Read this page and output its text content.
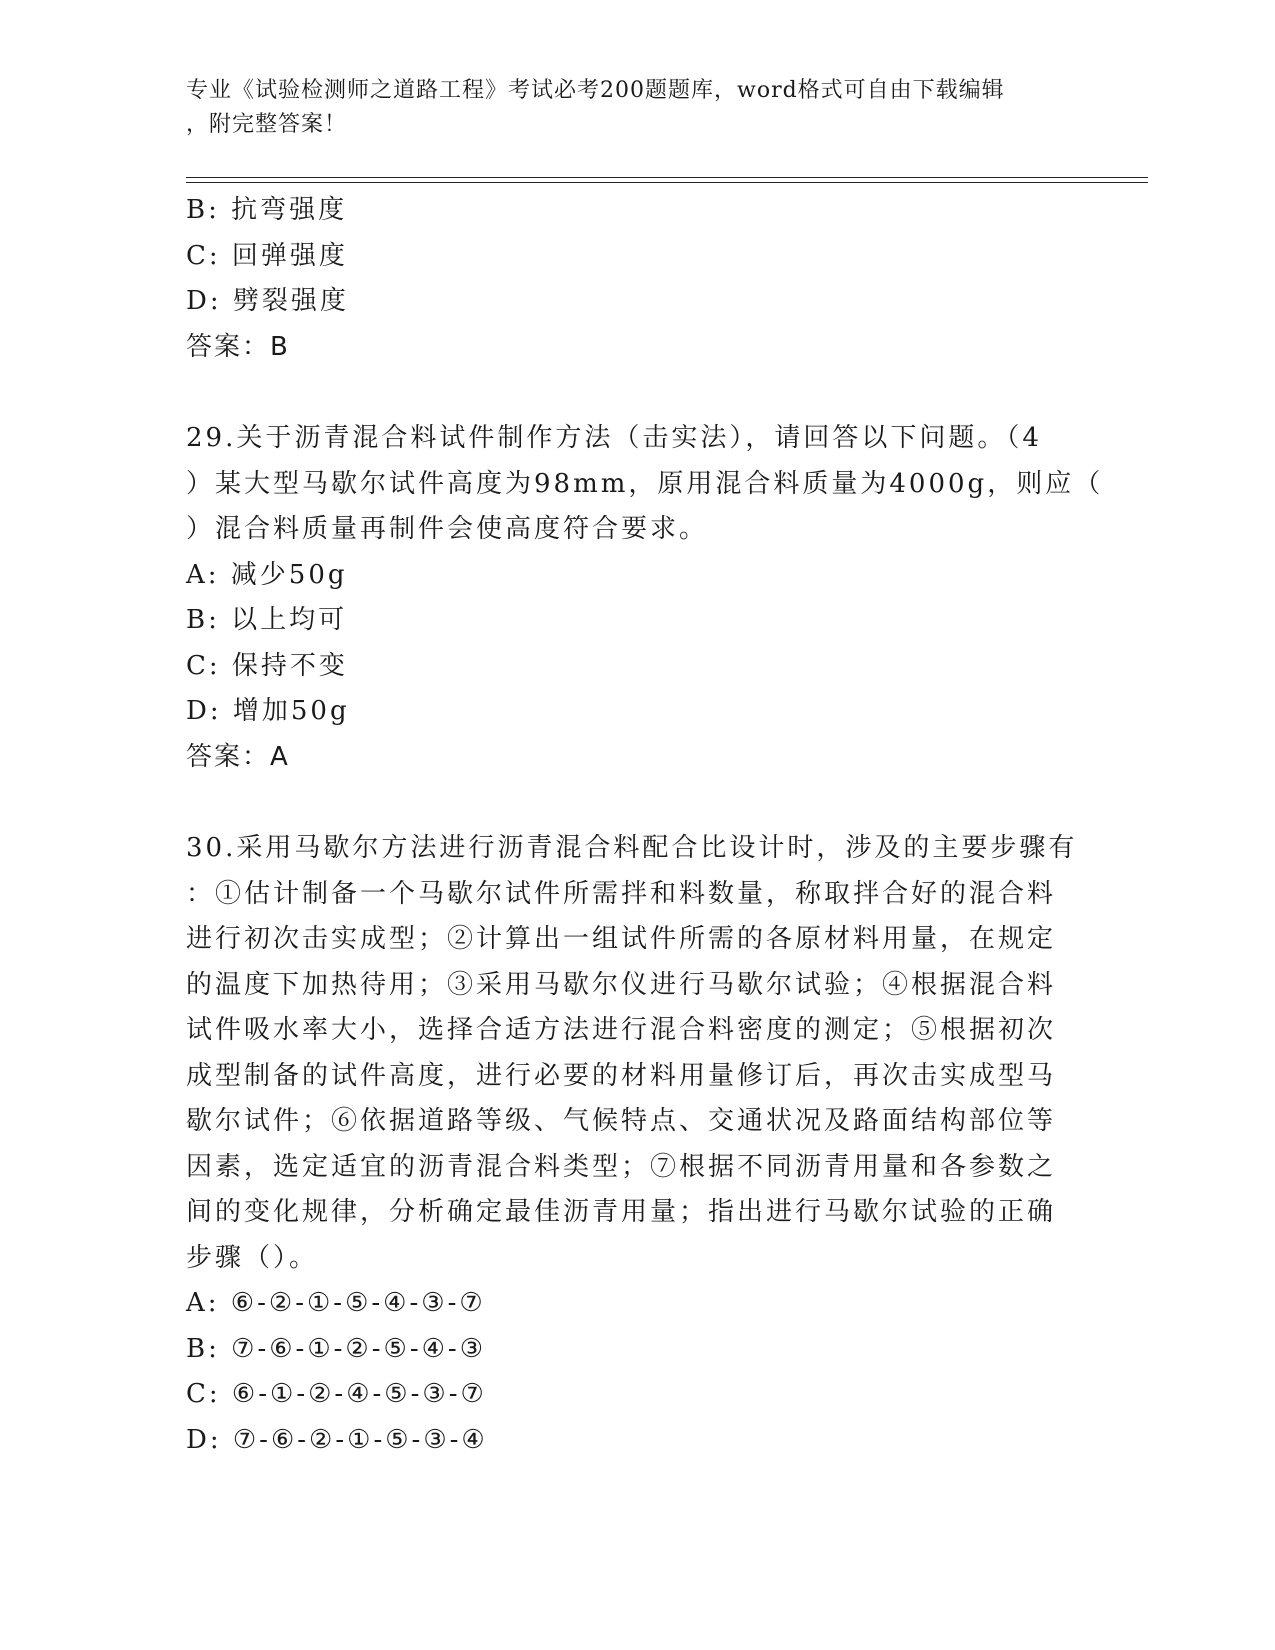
专业《试验检测师之道路工程》考试必考200题题库，word格式可自由下载编辑
，附完整答案！
B: 抗弯强度
C: 回弹强度
D: 劈裂强度
答案：B
29.关于沥青混合料试件制作方法（击实法），请回答以下问题。（4
）某大型马歇尔试件高度为98mm，原用混合料质量为4000g，则应（
）混合料质量再制件会使高度符合要求。
A: 减少50g
B: 以上均可
C: 保持不变
D: 增加50g
答案：A
30.采用马歇尔方法进行沥青混合料配合比设计时，涉及的主要步骤有
：①估计制备一个马歇尔试件所需拌和料数量，称取拌合好的混合料
进行初次击实成型；②计算出一组试件所需的各原材料用量，在规定
的温度下加热待用；③采用马歇尔仪进行马歇尔试验；④根据混合料
试件吸水率大小，选择合适方法进行混合料密度的测定；⑤根据初次
成型制备的试件高度，进行必要的材料用量修订后，再次击实成型马
歇尔试件；⑥依据道路等级、气候特点、交通状况及路面结构部位等
因素，选定适宜的沥青混合料类型；⑦根据不同沥青用量和各参数之
间的变化规律，分析确定最佳沥青用量；指出进行马歇尔试验的正确
步骤（）。
A: ⑥-②-①-⑤-④-③-⑦
B: ⑦-⑥-①-②-⑤-④-③
C: ⑥-①-②-④-⑤-③-⑦
D: ⑦-⑥-②-①-⑤-③-④
